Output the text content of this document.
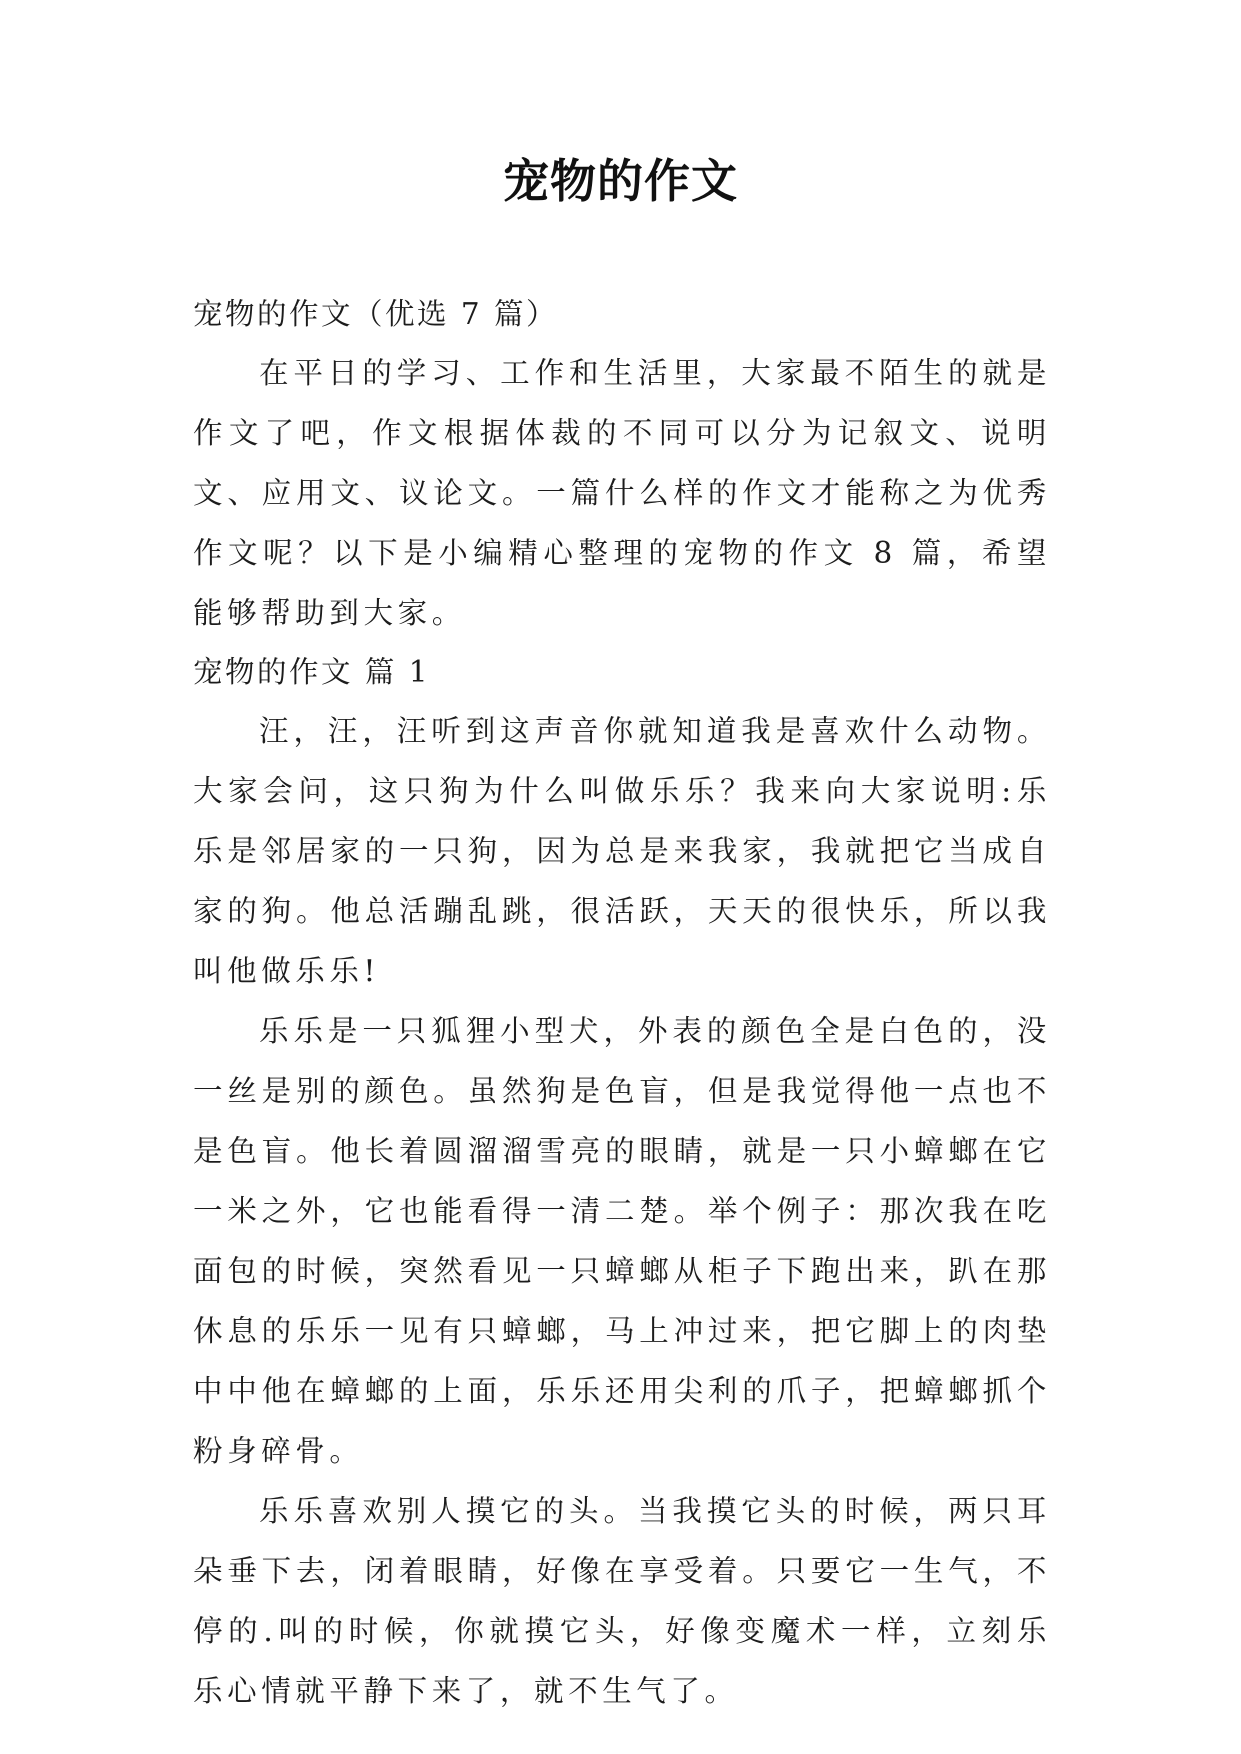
宠物的作文

宠物的作文（优选 7 篇）

在平日的学习、工作和生活里，大家最不陌生的就是作文了吧，作文根据体裁的不同可以分为记叙文、说明文、应用文、议论文。一篇什么样的作文才能称之为优秀作文呢？以下是小编精心整理的宠物的作文 8 篇，希望能够帮助到大家。

宠物的作文 篇 1

汪，汪，汪听到这声音你就知道我是喜欢什么动物。大家会问，这只狗为什么叫做乐乐？我来向大家说明:乐乐是邻居家的一只狗，因为总是来我家，我就把它当成自家的狗。他总活蹦乱跳，很活跃，天天的很快乐，所以我叫他做乐乐!

乐乐是一只狐狸小型犬，外表的颜色全是白色的，没一丝是别的颜色。虽然狗是色盲，但是我觉得他一点也不是色盲。他长着圆溜溜雪亮的眼睛，就是一只小蟑螂在它一米之外，它也能看得一清二楚。举个例子：那次我在吃面包的时候，突然看见一只蟑螂从柜子下跑出来，趴在那休息的乐乐一见有只蟑螂，马上冲过来，把它脚上的肉垫中中他在蟑螂的上面，乐乐还用尖利的爪子，把蟑螂抓个粉身碎骨。

乐乐喜欢别人摸它的头。当我摸它头的时候，两只耳朵垂下去，闭着眼睛，好像在享受着。只要它一生气，不停的.叫的时候，你就摸它头，好像变魔术一样，立刻乐乐心情就平静下来了，就不生气了。
